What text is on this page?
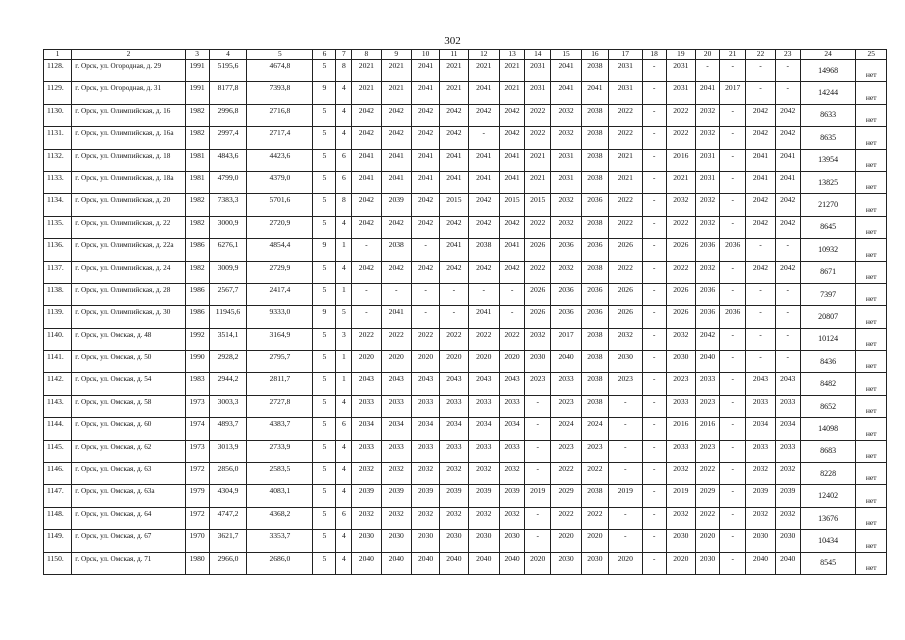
302
1	2	3	4	5	6	7	8	9	10	11	12	13	14	15	16	17	18	19	20	21	22	23	24	25
1128.	г. Орск, ул. Огородная, д. 29	1991	5195,6	4674,8	5	8	2021	2021	2041	2021	2021	2021	2031	2041	2038	2031	-	2031	-	-	-	-	14968	нет
1129.	г. Орск, ул. Огородная, д. 31	1991	8177,8	7393,8	9	4	2021	2021	2041	2021	2041	2021	2031	2041	2041	2031	-	2031	2041	2017	-	-	14244	нет
1130.	г. Орск, ул. Олимпийская, д. 16	1982	2996,8	2716,8	5	4	2042	2042	2042	2042	2042	2042	2022	2032	2038	2022	-	2022	2032	-	2042	2042	8633	нет
1131.	г. Орск, ул. Олимпийская, д. 16а	1982	2997,4	2717,4	5	4	2042	2042	2042	2042	-	2042	2022	2032	2038	2022	-	2022	2032	-	2042	2042	8635	нет
1132.	г. Орск, ул. Олимпийская, д. 18	1981	4843,6	4423,6	5	6	2041	2041	2041	2041	2041	2041	2021	2031	2038	2021	-	2016	2031	-	2041	2041	13954	нет
1133.	г. Орск, ул. Олимпийская, д. 18а	1981	4799,0	4379,0	5	6	2041	2041	2041	2041	2041	2041	2021	2031	2038	2021	-	2021	2031	-	2041	2041	13825	нет
1134.	г. Орск, ул. Олимпийская, д. 20	1982	7383,3	5701,6	5	8	2042	2039	2042	2015	2042	2015	2015	2032	2036	2022	-	2032	2032	-	2042	2042	21270	нет
1135.	г. Орск, ул. Олимпийская, д. 22	1982	3000,9	2720,9	5	4	2042	2042	2042	2042	2042	2042	2022	2032	2038	2022	-	2022	2032	-	2042	2042	8645	нет
1136.	г. Орск, ул. Олимпийская, д. 22а	1986	6276,1	4854,4	9	1	-	2038	-	2041	2038	2041	2026	2036	2036	2026	-	2026	2036	2036	-	-	10932	нет
1137.	г. Орск, ул. Олимпийская, д. 24	1982	3009,9	2729,9	5	4	2042	2042	2042	2042	2042	2042	2022	2032	2038	2022	-	2022	2032	-	2042	2042	8671	нет
1138.	г. Орск, ул. Олимпийская, д. 28	1986	2567,7	2417,4	5	1	-	-	-	-	-	-	2026	2036	2036	2026	-	2026	2036	-	-	-	7397	нет
1139.	г. Орск, ул. Олимпийская, д. 30	1986	11945,6	9333,0	9	5	-	2041	-	-	2041	-	2026	2036	2036	2026	-	2026	2036	2036	-	-	20807	нет
1140.	г. Орск, ул. Омская, д. 48	1992	3514,1	3164,9	5	3	2022	2022	2022	2022	2022	2022	2032	2017	2038	2032	-	2032	2042	-	-	-	10124	нет
1141.	г. Орск, ул. Омская, д. 50	1990	2928,2	2795,7	5	1	2020	2020	2020	2020	2020	2020	2030	2040	2038	2030	-	2030	2040	-	-	-	8436	нет
1142.	г. Орск, ул. Омская, д. 54	1983	2944,2	2811,7	5	1	2043	2043	2043	2043	2043	2043	2023	2033	2038	2023	-	2023	2033	-	2043	2043	8482	нет
1143.	г. Орск, ул. Омская, д. 58	1973	3003,3	2727,8	5	4	2033	2033	2033	2033	2033	2033	-	2023	2038	-	-	2033	2023	-	2033	2033	8652	нет
1144.	г. Орск, ул. Омская, д. 60	1974	4893,7	4383,7	5	6	2034	2034	2034	2034	2034	2034	-	2024	2024	-	-	2016	2016	-	2034	2034	14098	нет
1145.	г. Орск, ул. Омская, д. 62	1973	3013,9	2733,9	5	4	2033	2033	2033	2033	2033	2033	-	2023	2023	-	-	2033	2023	-	2033	2033	8683	нет
1146.	г. Орск, ул. Омская, д. 63	1972	2856,0	2583,5	5	4	2032	2032	2032	2032	2032	2032	-	2022	2022	-	-	2032	2022	-	2032	2032	8228	нет
1147.	г. Орск, ул. Омская, д. 63а	1979	4304,9	4083,1	5	4	2039	2039	2039	2039	2039	2039	2019	2029	2038	2019	-	2019	2029	-	2039	2039	12402	нет
1148.	г. Орск, ул. Омская, д. 64	1972	4747,2	4368,2	5	6	2032	2032	2032	2032	2032	2032	-	2022	2022	-	-	2032	2022	-	2032	2032	13676	нет
1149.	г. Орск, ул. Омская, д. 67	1970	3621,7	3353,7	5	4	2030	2030	2030	2030	2030	2030	-	2020	2020	-	-	2030	2020	-	2030	2030	10434	нет
1150.	г. Орск, ул. Омская, д. 71	1980	2966,0	2686,0	5	4	2040	2040	2040	2040	2040	2040	2020	2030	2030	2020	-	2020	2030	-	2040	2040	8545	нет
